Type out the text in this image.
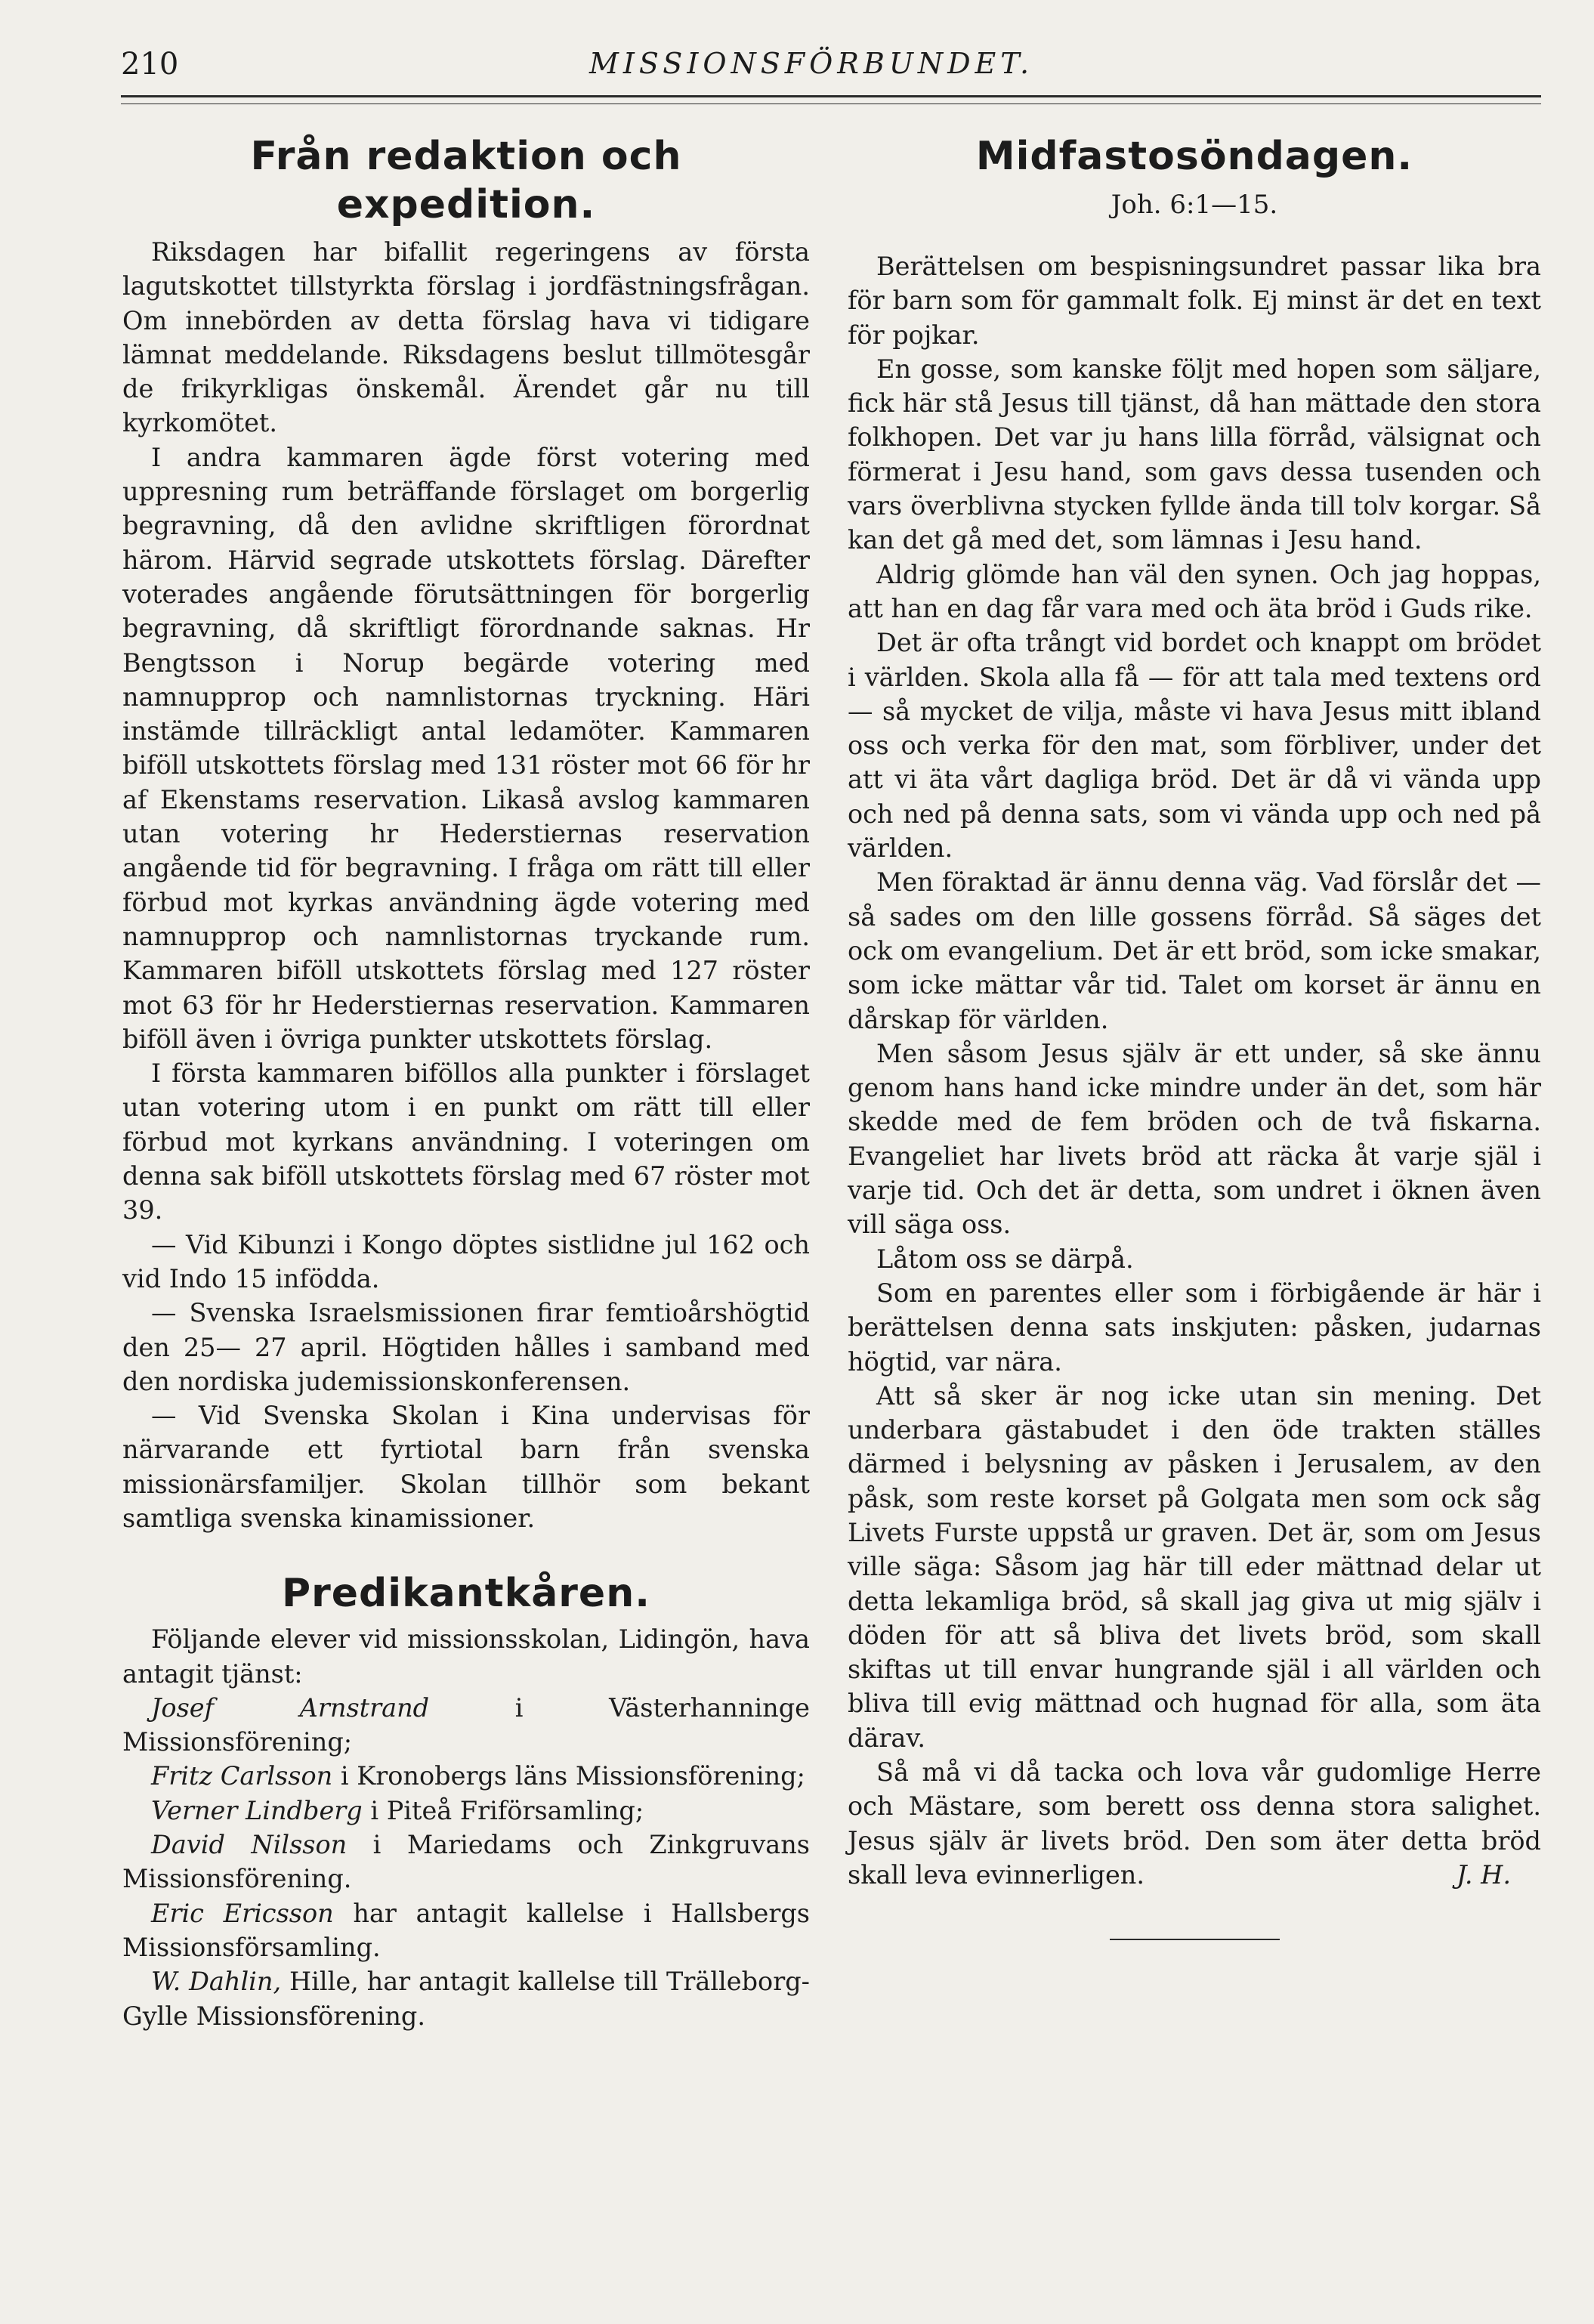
210	MISSIONSFÖRBUNDET.
Från redaktion och expedition.

Riksdagen har bifallit regeringens av första lagutskottet tillstyrkta förslag i jordfästningsfrågan. Om innebörden av detta förslag hava vi tidigare lämnat meddelande. Riksdagens beslut tillmötesgår de frikyrkligas önskemål. Ärendet går nu till kyrkomötet.

I andra kammaren ägde först votering med uppresning rum beträffande förslaget om borgerlig begravning, då den avlidne skriftligen förordnat härom. Härvid segrade utskottets förslag. Därefter voterades angående förutsättningen för borgerlig begravning, då skriftligt förordnande saknas. Hr Bengtsson i Norup begärde votering med namnupprop och namnlistornas tryckning. Häri instämde tillräckligt antal ledamöter. Kammaren biföll utskottets förslag med 131 röster mot 66 för hr af Ekenstams reservation. Likaså avslog kammaren utan votering hr Hederstiernas reservation angående tid för begravning. I fråga om rätt till eller förbud mot kyrkas användning ägde votering med namnupprop och namnlistornas tryckande rum. Kammaren biföll utskottets förslag med 127 röster mot 63 för hr Hederstiernas reservation. Kammaren biföll även i övriga punkter utskottets förslag.

I första kammaren biföllos alla punkter i förslaget utan votering utom i en punkt om rätt till eller förbud mot kyrkans användning. I voteringen om denna sak biföll utskottets förslag med 67 röster mot 39.

— Vid Kibunzi i Kongo döptes sistlidne jul 162 och vid Indo 15 infödda.

— Svenska Israelsmissionen firar femtioårshögtid den 25— 27 april. Högtiden hålles i samband med den nordiska judemissionskonferensen.

— Vid Svenska Skolan i Kina undervisas för närvarande ett fyrtiotal barn från svenska missionärsfamiljer. Skolan tillhör som bekant samtliga svenska kinamissioner.

Predikantkåren.

Följande elever vid missionsskolan, Lidingön, hava antagit tjänst:

Josef Arnstrand i Västerhanninge Missionsförening;

Fritz Carlsson i Kronobergs läns Missionsförening;

Verner Lindberg i Piteå Friförsamling;

David Nilsson i Mariedams och Zinkgruvans Missionsförening.

Eric Ericsson har antagit kallelse i Hallsbergs Missionsförsamling.

W. Dahlin, Hille, har antagit kallelse till Trälleborg-Gylle Missionsförening.

Midfastosöndagen.
Joh. 6:1—15.

Berättelsen om bespisningsundret passar lika bra för barn som för gammalt folk. Ej minst är det en text för pojkar.

En gosse, som kanske följt med hopen som säljare, fick här stå Jesus till tjänst, då han mättade den stora folkhopen. Det var ju hans lilla förråd, välsignat och förmerat i Jesu hand, som gavs dessa tusenden och vars överblivna stycken fyllde ända till tolv korgar. Så kan det gå med det, som lämnas i Jesu hand.

Aldrig glömde han väl den synen. Och jag hoppas, att han en dag får vara med och äta bröd i Guds rike.

Det är ofta trångt vid bordet och knappt om brödet i världen. Skola alla få — för att tala med textens ord — så mycket de vilja, måste vi hava Jesus mitt ibland oss och verka för den mat, som förbliver, under det att vi äta vårt dagliga bröd. Det är då vi vända upp och ned på denna sats, som vi vända upp och ned på världen.

Men föraktad är ännu denna väg. Vad förslår det — så sades om den lille gossens förråd. Så säges det ock om evangelium. Det är ett bröd, som icke smakar, som icke mättar vår tid. Talet om korset är ännu en dårskap för världen.

Men såsom Jesus själv är ett under, så ske ännu genom hans hand icke mindre under än det, som här skedde med de fem bröden och de två fiskarna. Evangeliet har livets bröd att räcka åt varje själ i varje tid. Och det är detta, som undret i öknen även vill säga oss.

Låtom oss se därpå.

Som en parentes eller som i förbigående är här i berättelsen denna sats inskjuten: påsken, judarnas högtid, var nära.

Att så sker är nog icke utan sin mening. Det underbara gästabudet i den öde trakten ställes därmed i belysning av påsken i Jerusalem, av den påsk, som reste korset på Golgata men som ock såg Livets Furste uppstå ur graven. Det är, som om Jesus ville säga: Såsom jag här till eder mättnad delar ut detta lekamliga bröd, så skall jag giva ut mig själv i döden för att så bliva det livets bröd, som skall skiftas ut till envar hungrande själ i all världen och bliva till evig mättnad och hugnad för alla, som äta därav.

Så må vi då tacka och lova vår gudomlige Herre och Mästare, som berett oss denna stora salighet. Jesus själv är livets bröd. Den som äter detta bröd skall leva evinnerligen.	J. H.
